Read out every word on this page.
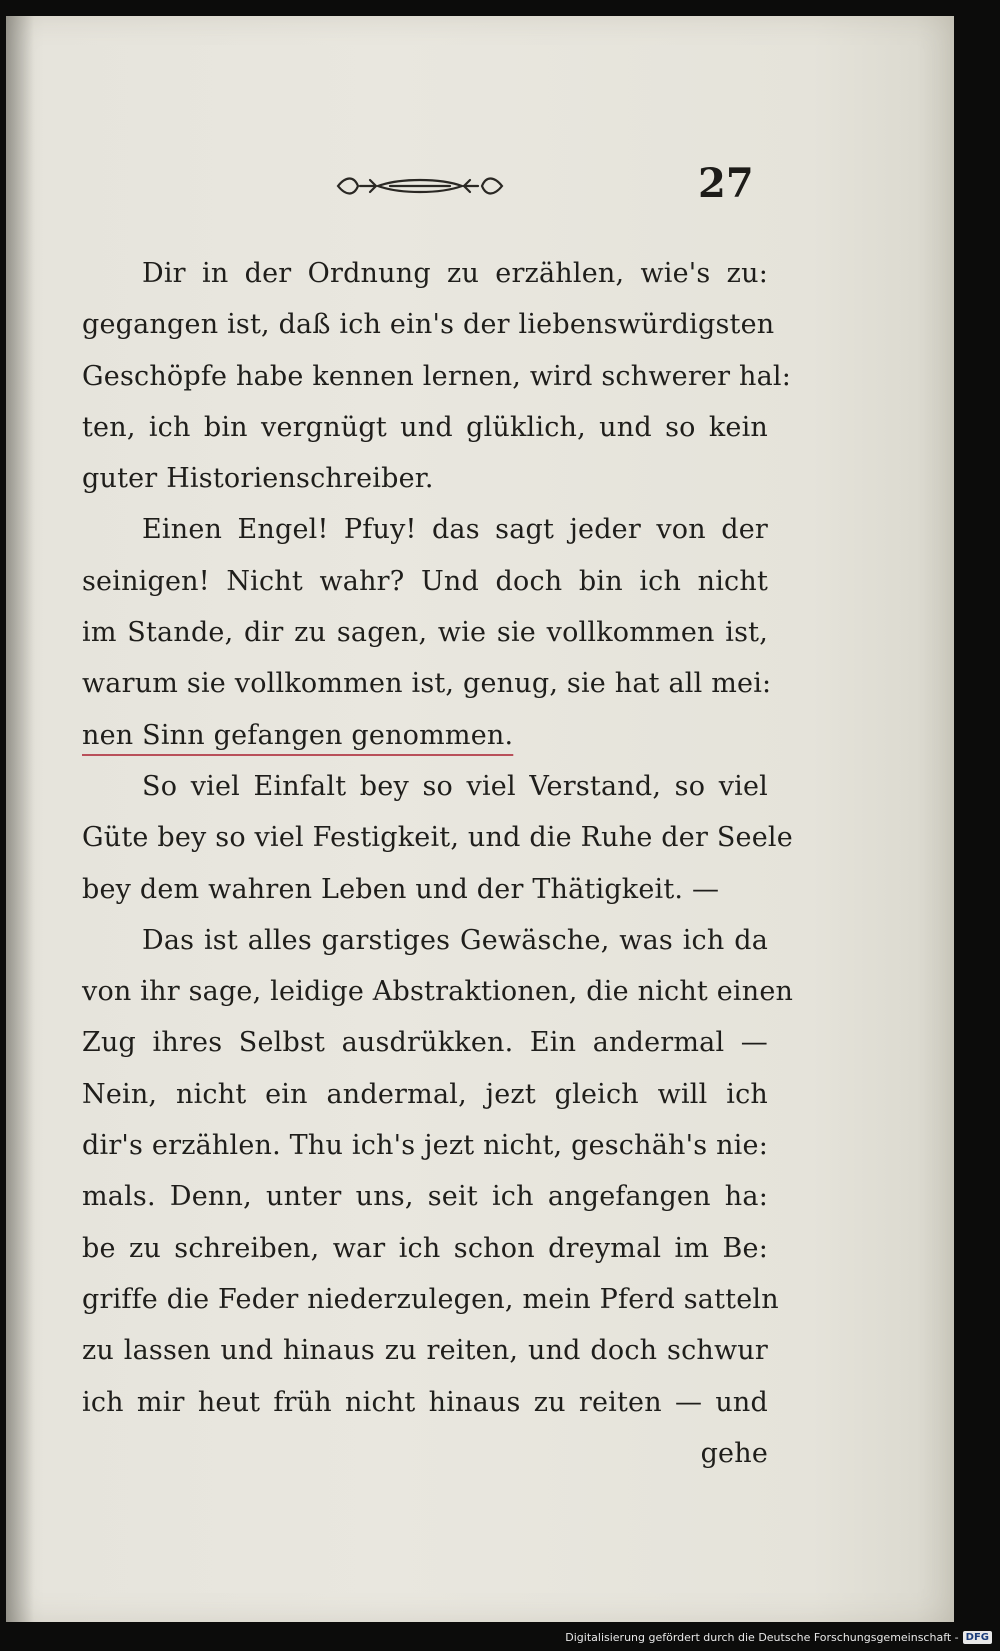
27
Dir in der Ordnung zu erzählen, wie's zu:
gegangen ist, daß ich ein's der liebenswürdigsten
Geschöpfe habe kennen lernen, wird schwerer hal:
ten, ich bin vergnügt und glüklich, und so kein
guter Historienschreiber.
Einen Engel! Pfuy! das sagt jeder von der
seinigen! Nicht wahr? Und doch bin ich nicht
im Stande, dir zu sagen, wie sie vollkommen ist,
warum sie vollkommen ist, genug, sie hat all mei:
nen Sinn gefangen genommen.
So viel Einfalt bey so viel Verstand, so viel
Güte bey so viel Festigkeit, und die Ruhe der Seele
bey dem wahren Leben und der Thätigkeit. —
Das ist alles garstiges Gewäsche, was ich da
von ihr sage, leidige Abstraktionen, die nicht einen
Zug ihres Selbst ausdrükken. Ein andermal —
Nein, nicht ein andermal, jezt gleich will ich
dir's erzählen. Thu ich's jezt nicht, geschäh's nie:
mals. Denn, unter uns, seit ich angefangen ha:
be zu schreiben, war ich schon dreymal im Be:
griffe die Feder niederzulegen, mein Pferd satteln
zu lassen und hinaus zu reiten, und doch schwur
ich mir heut früh nicht hinaus zu reiten — und
gehe
Digitalisierung gefördert durch die Deutsche Forschungsgemeinschaft - DFG
